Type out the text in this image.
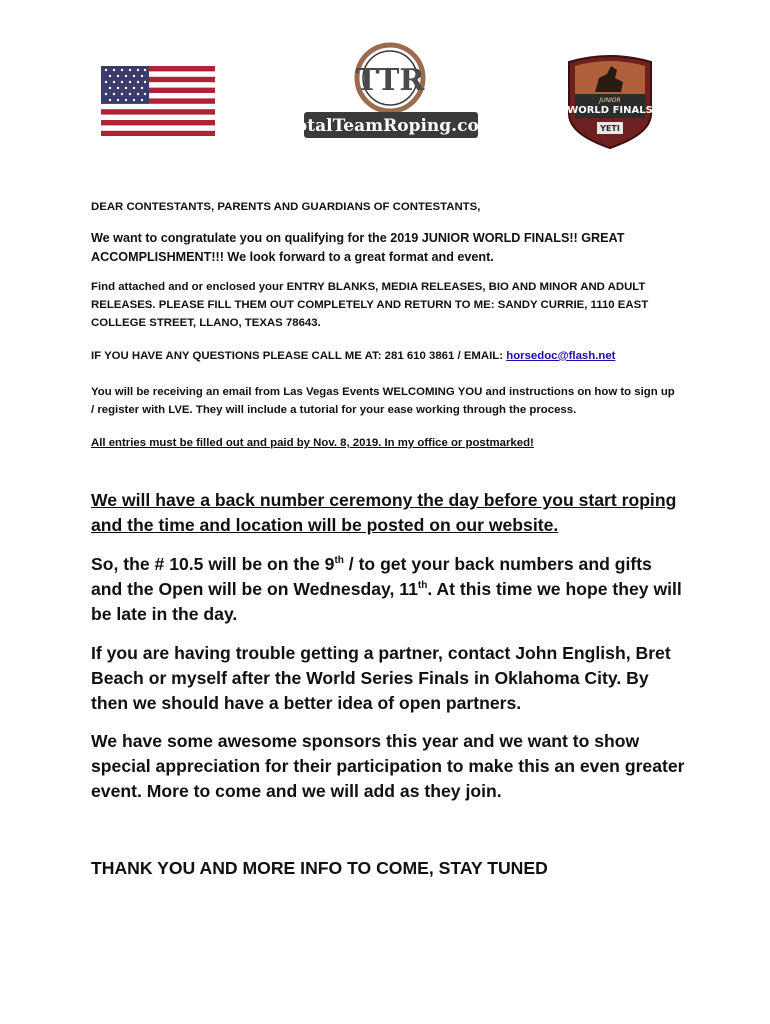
TTR
TotalTeamRoping.com
JUNIOR
WORLD FINALS
YETI

DEAR CONTESTANTS, PARENTS AND GUARDIANS OF CONTESTANTS,

We want to congratulate you on qualifying for the 2019 JUNIOR WORLD FINALS!! GREAT ACCOMPLISHMENT!!! We look forward to a great format and event.

Find attached and or enclosed your ENTRY BLANKS, MEDIA RELEASES, BIO AND MINOR AND ADULT RELEASES. PLEASE FILL THEM OUT COMPLETELY AND RETURN TO ME: SANDY CURRIE, 1110 EAST COLLEGE STREET, LLANO, TEXAS 78643.

IF YOU HAVE ANY QUESTIONS PLEASE CALL ME AT: 281 610 3861 / EMAIL: horsedoc@flash.net

You will be receiving an email from Las Vegas Events WELCOMING YOU and instructions on how to sign up / register with LVE. They will include a tutorial for your ease working through the process.

All entries must be filled out and paid by Nov. 8, 2019. In my office or postmarked!

We will have a back number ceremony the day before you start roping and the time and location will be posted on our website.

So, the # 10.5 will be on the 9th / to get your back numbers and gifts and the Open will be on Wednesday, 11th. At this time we hope they will be late in the day.

If you are having trouble getting a partner, contact John English, Bret Beach or myself after the World Series Finals in Oklahoma City. By then we should have a better idea of open partners.

We have some awesome sponsors this year and we want to show special appreciation for their participation to make this an even greater event. More to come and we will add as they join.

THANK YOU AND MORE INFO TO COME, STAY TUNED
